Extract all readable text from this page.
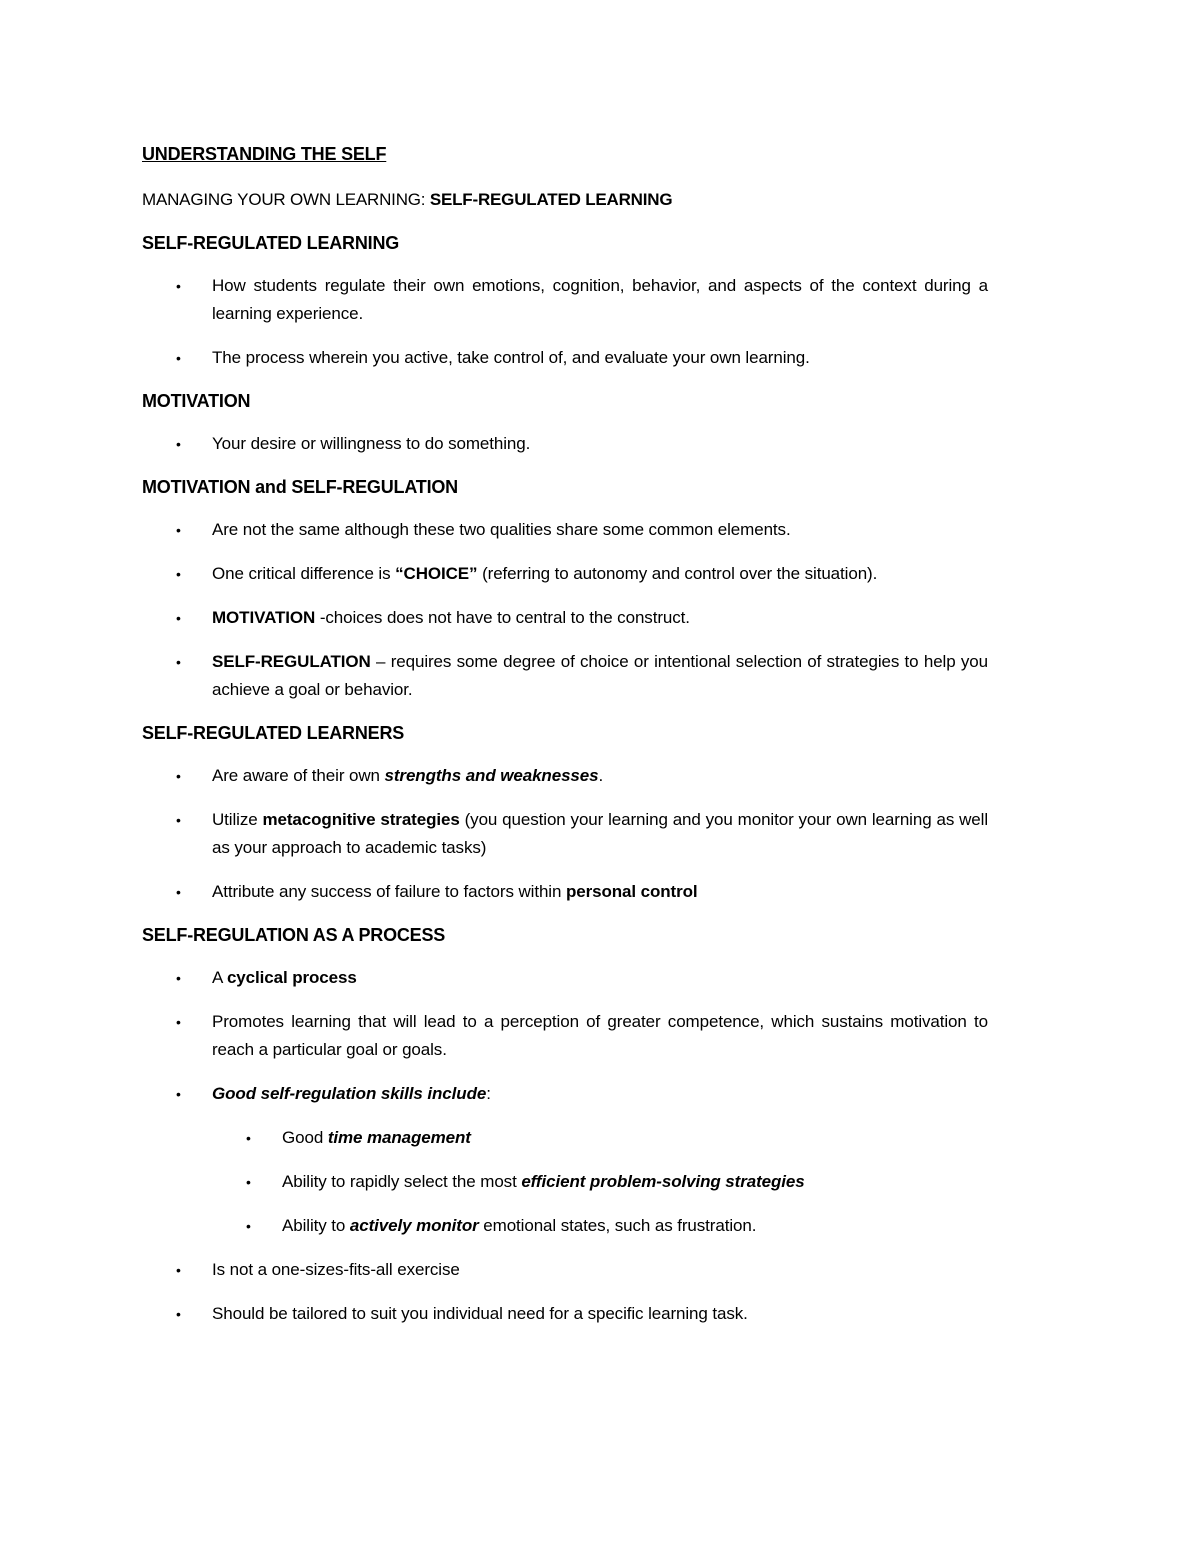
UNDERSTANDING THE SELF
MANAGING YOUR OWN LEARNING: SELF-REGULATED LEARNING
SELF-REGULATED LEARNING
• How students regulate their own emotions, cognition, behavior, and aspects of the context during a learning experience.
• The process wherein you active, take control of, and evaluate your own learning.
MOTIVATION
• Your desire or willingness to do something.
MOTIVATION and SELF-REGULATION
• Are not the same although these two qualities share some common elements.
• One critical difference is “CHOICE” (referring to autonomy and control over the situation).
• MOTIVATION -choices does not have to central to the construct.
• SELF-REGULATION – requires some degree of choice or intentional selection of strategies to help you achieve a goal or behavior.
SELF-REGULATED LEARNERS
• Are aware of their own strengths and weaknesses.
• Utilize metacognitive strategies (you question your learning and you monitor your own learning as well as your approach to academic tasks)
• Attribute any success of failure to factors within personal control
SELF-REGULATION AS A PROCESS
• A cyclical process
• Promotes learning that will lead to a perception of greater competence, which sustains motivation to reach a particular goal or goals.
• Good self-regulation skills include:
• Good time management
• Ability to rapidly select the most efficient problem-solving strategies
• Ability to actively monitor emotional states, such as frustration.
• Is not a one-sizes-fits-all exercise
• Should be tailored to suit you individual need for a specific learning task.
